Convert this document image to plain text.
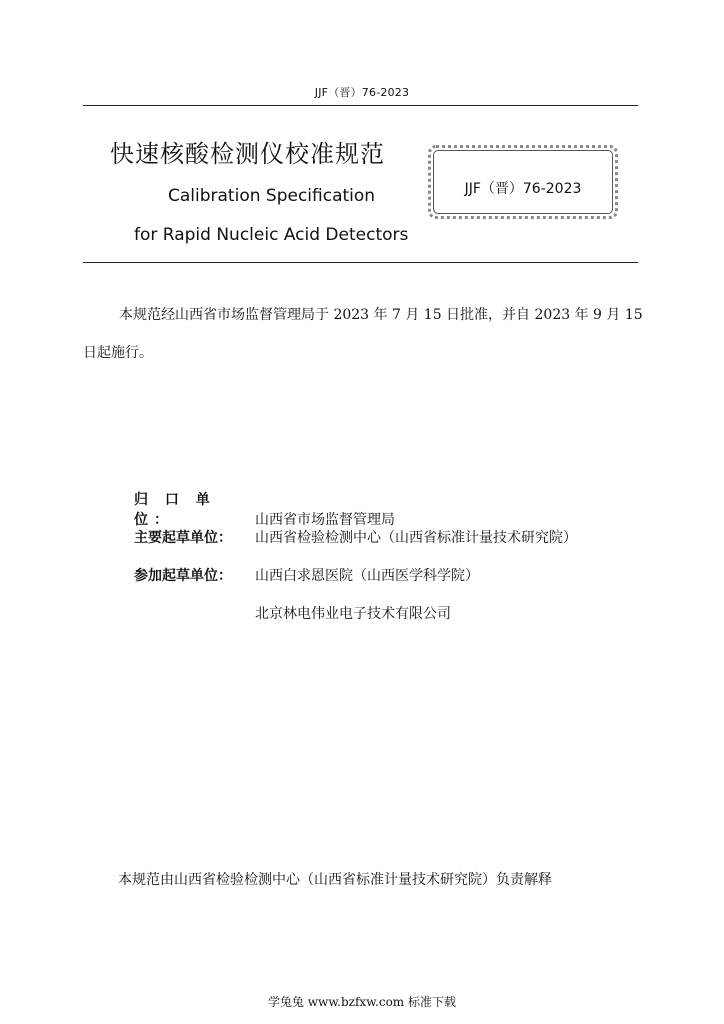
JJF（晋）76-2023
快速核酸检测仪校准规范
Calibration Specification
for Rapid Nucleic Acid Detectors
JJF（晋）76-2023
本规范经山西省市场监督管理局于 2023 年 7 月 15 日批准，并自 2023 年 9 月 15 日起施行。
归 口 单 位：	山西省市场监督管理局
主要起草单位： 山西省检验检测中心（山西省标准计量技术研究院）
参加起草单位： 山西白求恩医院（山西医学科学院）
北京林电伟业电子技术有限公司
本规范由山西省检验检测中心（山西省标准计量技术研究院）负责解释
学兔兔 www.bzfxw.com 标准下载
